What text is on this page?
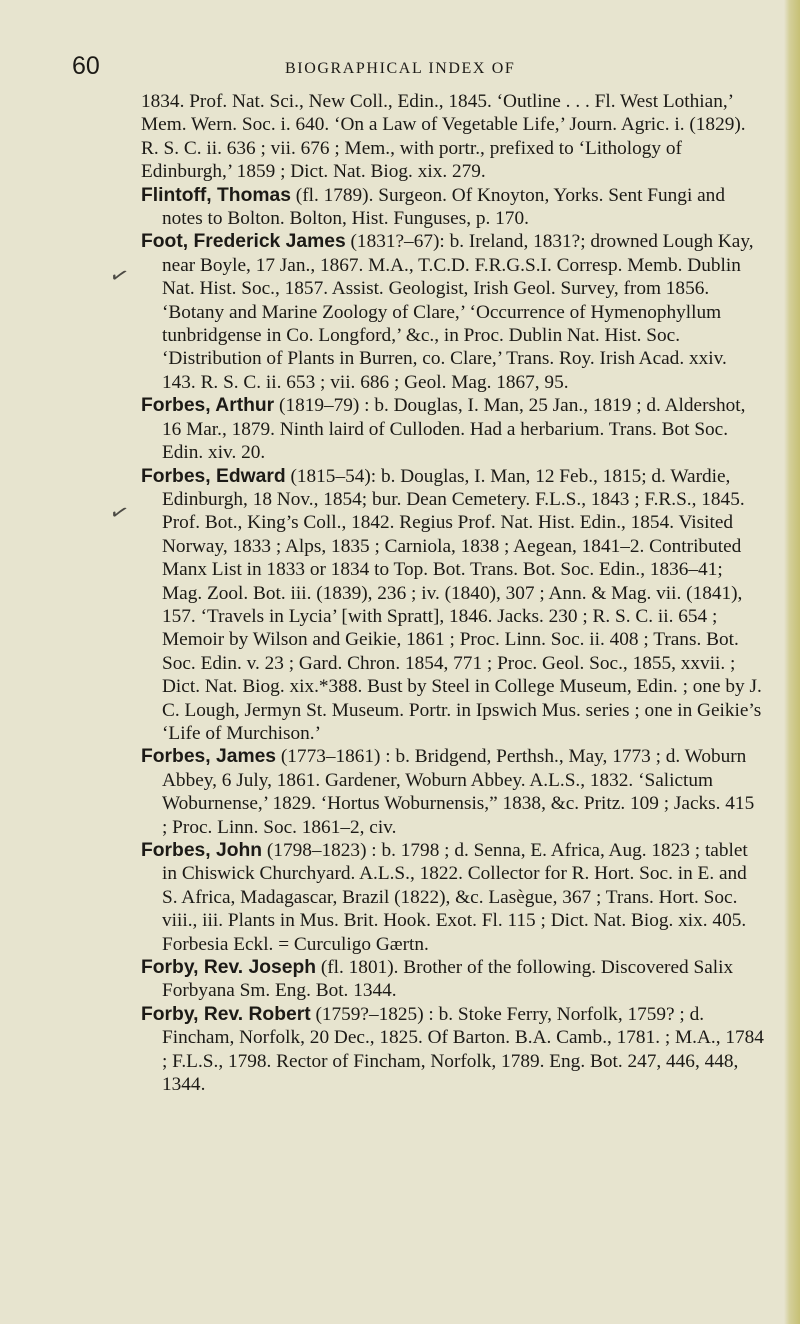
60	BIOGRAPHICAL INDEX OF
✓
✓

1834. Prof. Nat. Sci., New Coll., Edin., 1845. ‘Outline . . . Fl. West Lothian,’ Mem. Wern. Soc. i. 640. ‘On a Law of Vegetable Life,’ Journ. Agric. i. (1829). R. S. C. ii. 636 ; vii. 676 ; Mem., with portr., prefixed to ‘Lithology of Edinburgh,’ 1859 ; Dict. Nat. Biog. xix. 279.

Flintoff, Thomas (fl. 1789). Surgeon. Of Knoyton, Yorks. Sent Fungi and notes to Bolton. Bolton, Hist. Funguses, p. 170.

Foot, Frederick James (1831?–67): b. Ireland, 1831?; drowned Lough Kay, near Boyle, 17 Jan., 1867. M.A., T.C.D. F.R.G.S.I. Corresp. Memb. Dublin Nat. Hist. Soc., 1857. Assist. Geologist, Irish Geol. Survey, from 1856. ‘Botany and Marine Zoology of Clare,’ ‘Occurrence of Hymenophyllum tunbridgense in Co. Longford,’ &c., in Proc. Dublin Nat. Hist. Soc. ‘Distribution of Plants in Burren, co. Clare,’ Trans. Roy. Irish Acad. xxiv. 143. R. S. C. ii. 653 ; vii. 686 ; Geol. Mag. 1867, 95.

Forbes, Arthur (1819–79) : b. Douglas, I. Man, 25 Jan., 1819 ; d. Aldershot, 16 Mar., 1879. Ninth laird of Culloden. Had a herbarium. Trans. Bot Soc. Edin. xiv. 20.

Forbes, Edward (1815–54): b. Douglas, I. Man, 12 Feb., 1815; d. Wardie, Edinburgh, 18 Nov., 1854; bur. Dean Cemetery. F.L.S., 1843 ; F.R.S., 1845. Prof. Bot., King’s Coll., 1842. Regius Prof. Nat. Hist. Edin., 1854. Visited Norway, 1833 ; Alps, 1835 ; Carniola, 1838 ; Aegean, 1841–2. Contributed Manx List in 1833 or 1834 to Top. Bot. Trans. Bot. Soc. Edin., 1836–41; Mag. Zool. Bot. iii. (1839), 236 ; iv. (1840), 307 ; Ann. & Mag. vii. (1841), 157. ‘Travels in Lycia’ [with Spratt], 1846. Jacks. 230 ; R. S. C. ii. 654 ; Memoir by Wilson and Geikie, 1861 ; Proc. Linn. Soc. ii. 408 ; Trans. Bot. Soc. Edin. v. 23 ; Gard. Chron. 1854, 771 ; Proc. Geol. Soc., 1855, xxvii. ; Dict. Nat. Biog. xix.*388. Bust by Steel in College Museum, Edin. ; one by J. C. Lough, Jermyn St. Museum. Portr. in Ipswich Mus. series ; one in Geikie’s ‘Life of Murchison.’

Forbes, James (1773–1861) : b. Bridgend, Perthsh., May, 1773 ; d. Woburn Abbey, 6 July, 1861. Gardener, Woburn Abbey. A.L.S., 1832. ‘Salictum Woburnense,’ 1829. ‘Hortus Woburnensis,” 1838, &c. Pritz. 109 ; Jacks. 415 ; Proc. Linn. Soc. 1861–2, civ.

Forbes, John (1798–1823) : b. 1798 ; d. Senna, E. Africa, Aug. 1823 ; tablet in Chiswick Churchyard. A.L.S., 1822. Collector for R. Hort. Soc. in E. and S. Africa, Madagascar, Brazil (1822), &c. Lasègue, 367 ; Trans. Hort. Soc. viii., iii. Plants in Mus. Brit. Hook. Exot. Fl. 115 ; Dict. Nat. Biog. xix. 405. Forbesia Eckl. = Curculigo Gærtn.

Forby, Rev. Joseph (fl. 1801). Brother of the following. Discovered Salix Forbyana Sm. Eng. Bot. 1344.

Forby, Rev. Robert (1759?–1825) : b. Stoke Ferry, Norfolk, 1759? ; d. Fincham, Norfolk, 20 Dec., 1825. Of Barton. B.A. Camb., 1781. ; M.A., 1784 ; F.L.S., 1798. Rector of Fincham, Norfolk, 1789. Eng. Bot. 247, 446, 448, 1344.
